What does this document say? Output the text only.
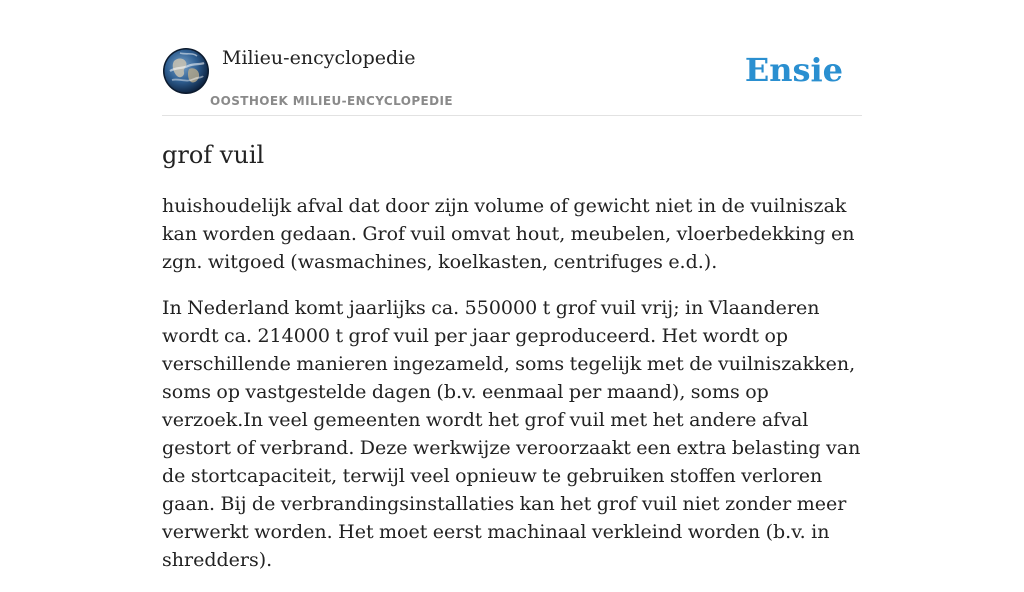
Milieu-encyclopedie
OOSTHOEK MILIEU-ENCYCLOPEDIE
Ensie
grof vuil

huishoudelijk afval dat door zijn volume of gewicht niet in de vuilniszak kan worden gedaan. Grof vuil omvat hout, meubelen, vloerbedekking en zgn. witgoed (wasmachines, koelkasten, centrifuges e.d.).

In Nederland komt jaarlijks ca. 550000 t grof vuil vrij; in Vlaanderen wordt ca. 214000 t grof vuil per jaar geproduceerd. Het wordt op verschillende manieren ingezameld, soms tegelijk met de vuilniszakken, soms op vastgestelde dagen (b.v. eenmaal per maand), soms op verzoek.In veel gemeenten wordt het grof vuil met het andere afval gestort of verbrand. Deze werkwijze veroorzaakt een extra belasting van de stortcapaciteit, terwijl veel opnieuw te gebruiken stoffen verloren gaan. Bij de verbrandingsinstallaties kan het grof vuil niet zonder meer verwerkt worden. Het moet eerst machinaal verkleind worden (b.v. in shredders).
